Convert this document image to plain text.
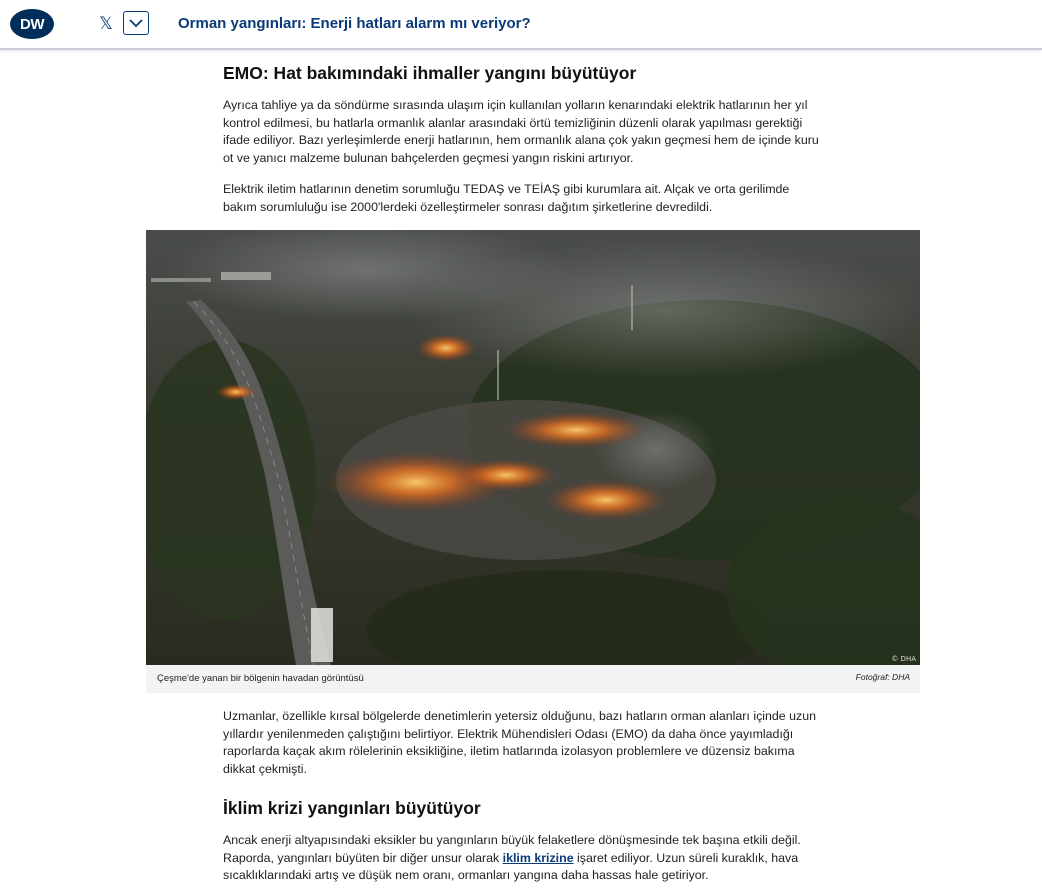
DW	𝕏	Orman yangınları: Enerji hatları alarm mı veriyor?
EMO: Hat bakımındaki ihmaller yangını büyütüyor

Ayrıca tahliye ya da söndürme sırasında ulaşım için kullanılan yolların kenarındaki elektrik hatlarının her yıl kontrol edilmesi, bu hatlarla ormanlık alanlar arasındaki örtü temizliğinin düzenli olarak yapılması gerektiği ifade ediliyor. Bazı yerleşimlerde enerji hatlarının, hem ormanlık alana çok yakın geçmesi hem de içinde kuru ot ve yanıcı malzeme bulunan bahçelerden geçmesi yangın riskini artırıyor.

Elektrik iletim hatlarının denetim sorumluğu TEDAŞ ve TEİAŞ gibi kurumlara ait. Alçak ve orta gerilimde bakım sorumluluğu ise 2000'lerdeki özelleştirmeler sonrası dağıtım şirketlerine devredildi.

© DHA
Çeşme'de yanan bir bölgenin havadan görüntüsü	Fotoğraf: DHA

Uzmanlar, özellikle kırsal bölgelerde denetimlerin yetersiz olduğunu, bazı hatların orman alanları içinde uzun yıllardır yenilenmeden çalıştığını belirtiyor. Elektrik Mühendisleri Odası (EMO) da daha önce yayımladığı raporlarda kaçak akım rölelerinin eksikliğine, iletim hatlarında izolasyon problemlere ve düzensiz bakıma dikkat çekmişti.

İklim krizi yangınları büyütüyor

Ancak enerji altyapısındaki eksikler bu yangınların büyük felaketlere dönüşmesinde tek başına etkili değil. Raporda, yangınları büyüten bir diğer unsur olarak iklim krizine işaret ediliyor. Uzun süreli kuraklık, hava sıcaklıklarındaki artış ve düşük nem oranı, ormanları yangına daha hassas hale getiriyor.
